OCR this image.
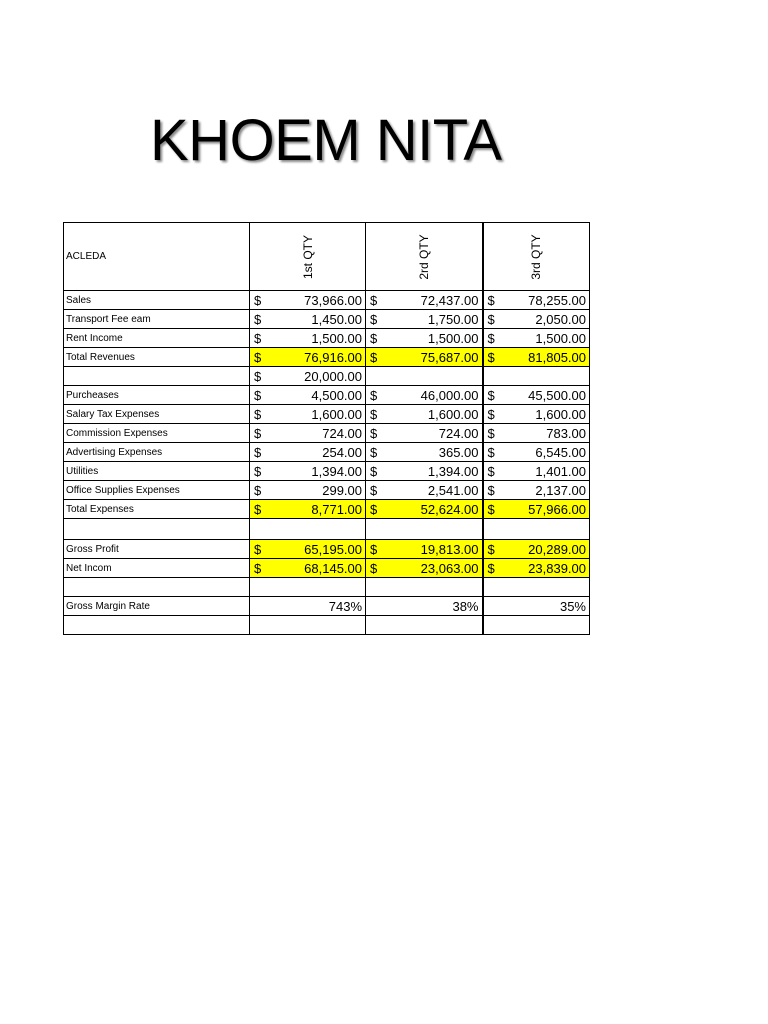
KHOEM NITA
ACLEDA	1st QTY	2rd QTY	3rd QTY

Sales	$ 73,966.00	$ 72,437.00	$ 78,255.00

Transport Fee eam	$ 1,450.00	$ 1,750.00	$ 2,050.00

Rent Income	$ 1,500.00	$ 1,500.00	$ 1,500.00

Total Revenues	$ 76,916.00	$ 75,687.00	$ 81,805.00

	$ 20,000.00		

Purcheases	$ 4,500.00	$ 46,000.00	$ 45,500.00

Salary Tax Expenses	$ 1,600.00	$ 1,600.00	$ 1,600.00

Commission Expenses	$ 724.00	$ 724.00	$ 783.00

Advertising Expenses	$ 254.00	$ 365.00	$ 6,545.00

Utilities	$ 1,394.00	$ 1,394.00	$ 1,401.00

Office Supplies Expenses	$ 299.00	$ 2,541.00	$ 2,137.00

Total Expenses	$ 8,771.00	$ 52,624.00	$ 57,966.00

Gross Profit	$ 65,195.00	$ 19,813.00	$ 20,289.00

Net Incom	$ 68,145.00	$ 23,063.00	$ 23,839.00

Gross Margin Rate	743%	38%	35%
